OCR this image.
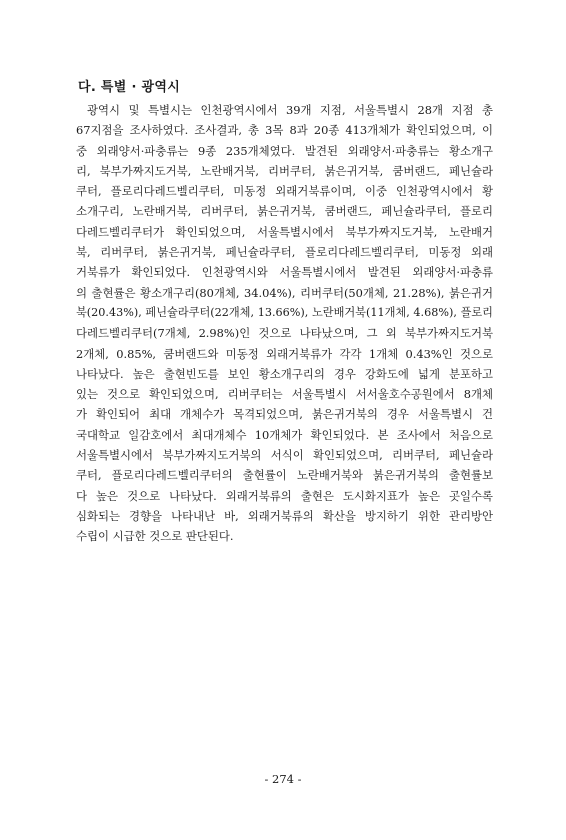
다. 특별 · 광역시
광역시 및 특별시는 인천광역시에서 39개 지점, 서울특별시 28개 지점 총
67지점을 조사하였다. 조사결과, 총 3목 8과 20종 413개체가 확인되었으며, 이
중 외래양서·파충류는 9종 235개체였다. 발견된 외래양서·파충류는 황소개구
리, 북부가짜지도거북, 노란배거북, 리버쿠터, 붉은귀거북, 쿰버랜드, 페닌슐라
쿠터, 플로리다레드벨리쿠터, 미동정 외래거북류이며, 이중 인천광역시에서 황
소개구리, 노란배거북, 리버쿠터, 붉은귀거북, 쿰버랜드, 페닌슐라쿠터, 플로리
다레드벨리쿠터가 확인되었으며, 서울특별시에서 북부가짜지도거북, 노란배거
북, 리버쿠터, 붉은귀거북, 페닌슐라쿠터, 플로리다레드벨리쿠터, 미동정 외래
거북류가 확인되었다. 인천광역시와 서울특별시에서 발견된 외래양서·파충류
의 출현률은 황소개구리(80개체, 34.04%), 리버쿠터(50개체, 21.28%), 붉은귀거
북(20.43%), 페닌슐라쿠터(22개체, 13.66%), 노란배거북(11개체, 4.68%), 플로리
다레드벨리쿠터(7개체, 2.98%)인 것으로 나타났으며, 그 외 북부가짜지도거북
2개체, 0.85%, 쿰버랜드와 미동정 외래거북류가 각각 1개체 0.43%인 것으로
나타났다. 높은 출현빈도를 보인 황소개구리의 경우 강화도에 넓게 분포하고
있는 것으로 확인되었으며, 리버쿠터는 서울특별시 서서울호수공원에서 8개체
가 확인되어 최대 개체수가 목격되었으며, 붉은귀거북의 경우 서울특별시 건
국대학교 일감호에서 최대개체수 10개체가 확인되었다. 본 조사에서 처음으로
서울특별시에서 북부가짜지도거북의 서식이 확인되었으며, 리버쿠터, 페닌슐라
쿠터, 플로리다레드벨리쿠터의 출현률이 노란배거북와 붉은귀거북의 출현률보
다 높은 것으로 나타났다. 외래거북류의 출현은 도시화지표가 높은 곳일수록
심화되는 경향을 나타내난 바, 외래거북류의 확산을 방지하기 위한 관리방안
수립이 시급한 것으로 판단된다.

- 274 -
